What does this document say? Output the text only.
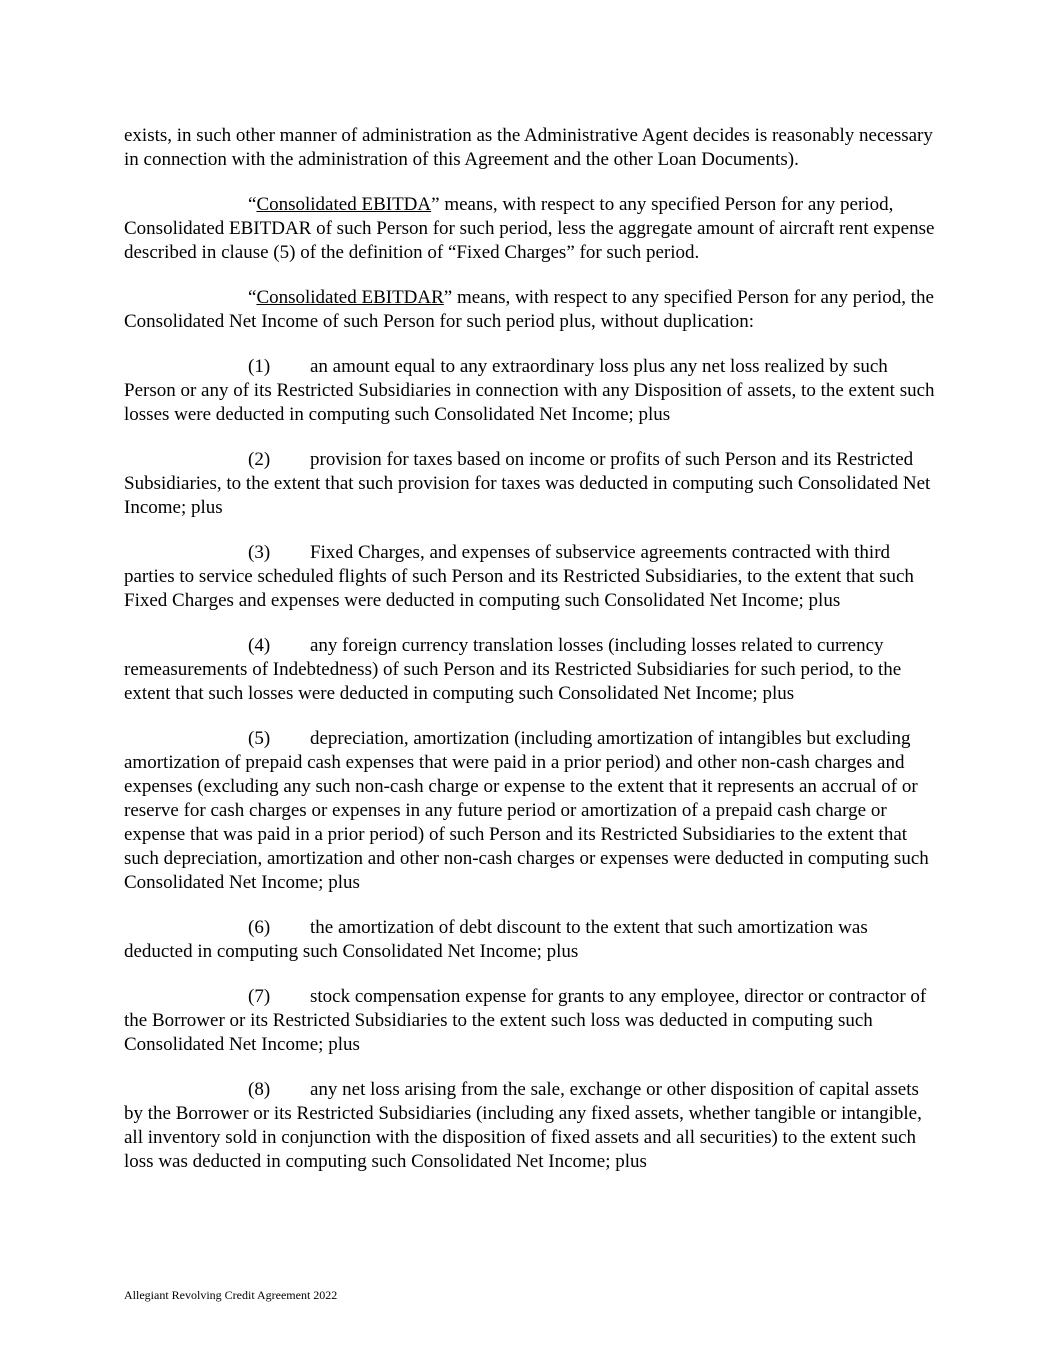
exists, in such other manner of administration as the Administrative Agent decides is reasonably necessary in connection with the administration of this Agreement and the other Loan Documents).

“Consolidated EBITDA” means, with respect to any specified Person for any period, Consolidated EBITDAR of such Person for such period, less the aggregate amount of aircraft rent expense described in clause (5) of the definition of “Fixed Charges” for such period.

“Consolidated EBITDAR” means, with respect to any specified Person for any period, the Consolidated Net Income of such Person for such period plus, without duplication:

(1) an amount equal to any extraordinary loss plus any net loss realized by such Person or any of its Restricted Subsidiaries in connection with any Disposition of assets, to the extent such losses were deducted in computing such Consolidated Net Income; plus

(2) provision for taxes based on income or profits of such Person and its Restricted Subsidiaries, to the extent that such provision for taxes was deducted in computing such Consolidated Net Income; plus

(3) Fixed Charges, and expenses of subservice agreements contracted with third parties to service scheduled flights of such Person and its Restricted Subsidiaries, to the extent that such Fixed Charges and expenses were deducted in computing such Consolidated Net Income; plus

(4) any foreign currency translation losses (including losses related to currency remeasurements of Indebtedness) of such Person and its Restricted Subsidiaries for such period, to the extent that such losses were deducted in computing such Consolidated Net Income; plus

(5) depreciation, amortization (including amortization of intangibles but excluding amortization of prepaid cash expenses that were paid in a prior period) and other non-cash charges and expenses (excluding any such non-cash charge or expense to the extent that it represents an accrual of or reserve for cash charges or expenses in any future period or amortization of a prepaid cash charge or expense that was paid in a prior period) of such Person and its Restricted Subsidiaries to the extent that such depreciation, amortization and other non-cash charges or expenses were deducted in computing such Consolidated Net Income; plus

(6) the amortization of debt discount to the extent that such amortization was deducted in computing such Consolidated Net Income; plus

(7) stock compensation expense for grants to any employee, director or contractor of the Borrower or its Restricted Subsidiaries to the extent such loss was deducted in computing such Consolidated Net Income; plus

(8) any net loss arising from the sale, exchange or other disposition of capital assets by the Borrower or its Restricted Subsidiaries (including any fixed assets, whether tangible or intangible, all inventory sold in conjunction with the disposition of fixed assets and all securities) to the extent such loss was deducted in computing such Consolidated Net Income; plus

Allegiant Revolving Credit Agreement 2022
